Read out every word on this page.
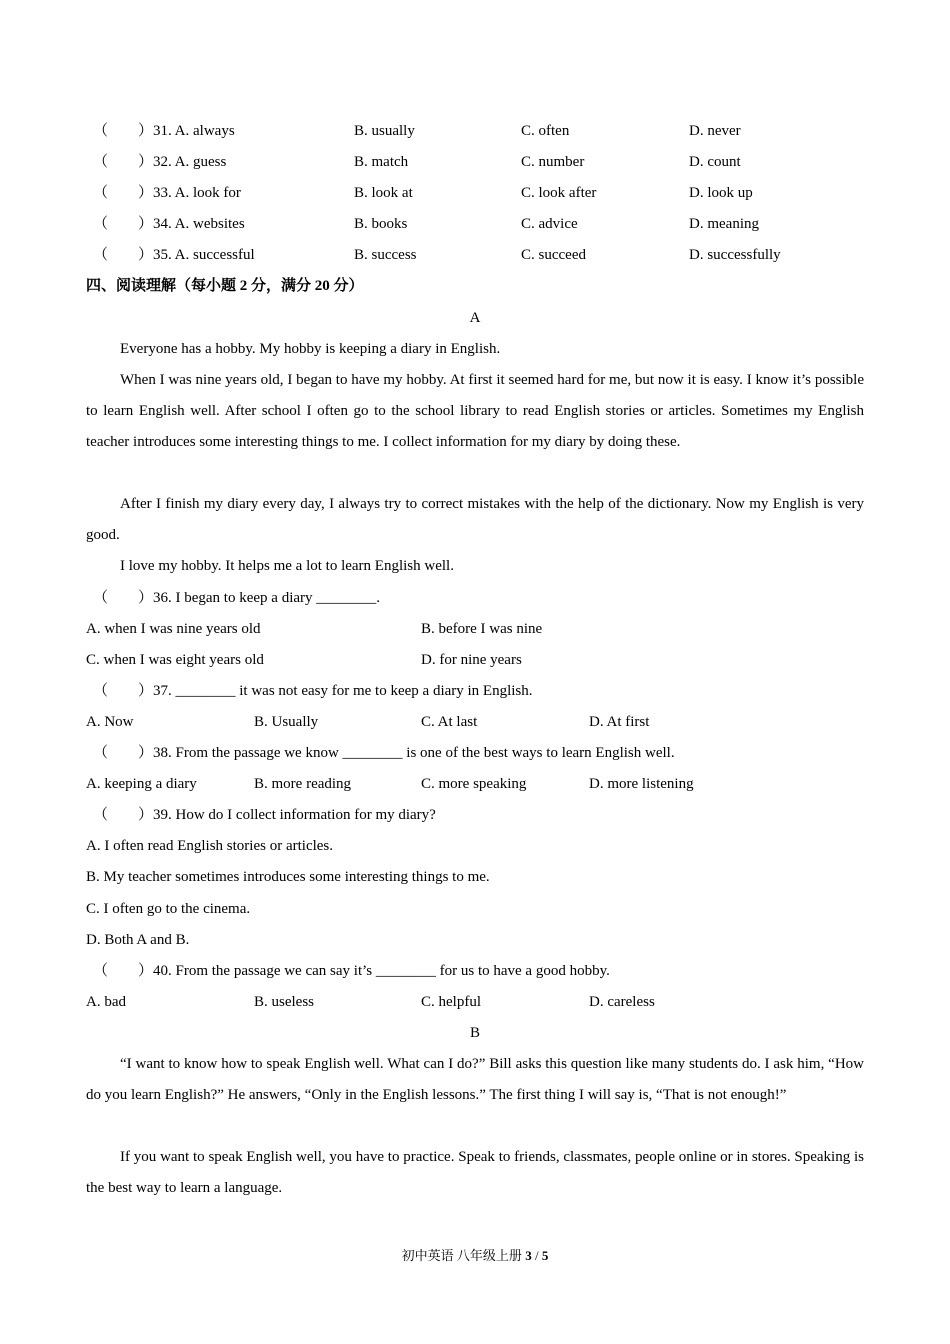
（ ） 31. A. always	B. usually	C. often	D. never
（ ） 32. A. guess	B. match	C. number	D. count
（ ） 33. A. look for	B. look at	C. look after	D. look up
（ ） 34. A. websites	B. books	C. advice	D. meaning
（ ） 35. A. successful	B. success	C. succeed	D. successfully
四、阅读理解（每小题 2 分，满分 20 分）
A
Everyone has a hobby. My hobby is keeping a diary in English.

When I was nine years old, I began to have my hobby. At first it seemed hard for me, but now it is easy. I know it’s possible to learn English well. After school I often go to the school library to read English stories or articles. Sometimes my English teacher introduces some interesting things to me. I collect information for my diary by doing these.

After I finish my diary every day, I always try to correct mistakes with the help of the dictionary. Now my English is very good.

I love my hobby. It helps me a lot to learn English well.
（ ） 36. I began to keep a diary ________.
A. when I was nine years old	B. before I was nine
C. when I was eight years old	D. for nine years
（ ） 37. ________ it was not easy for me to keep a diary in English.
A. Now	B. Usually	C. At last	D. At first
（ ） 38. From the passage we know ________ is one of the best ways to learn English well.
A. keeping a diary	B. more reading	C. more speaking	D. more listening
（ ） 39. How do I collect information for my diary?
A. I often read English stories or articles.
B. My teacher sometimes introduces some interesting things to me.
C. I often go to the cinema.
D. Both A and B.
（ ） 40. From the passage we can say it’s ________ for us to have a good hobby.
A. bad	B. useless	C. helpful	D. careless
B

“I want to know how to speak English well. What can I do?” Bill asks this question like many students do. I ask him, “How do you learn English?” He answers, “Only in the English lessons.” The first thing I will say is, “That is not enough!”

If you want to speak English well, you have to practice. Speak to friends, classmates, people online or in stores. Speaking is the best way to learn a language.

初中英语 八年级上册 3 / 5
